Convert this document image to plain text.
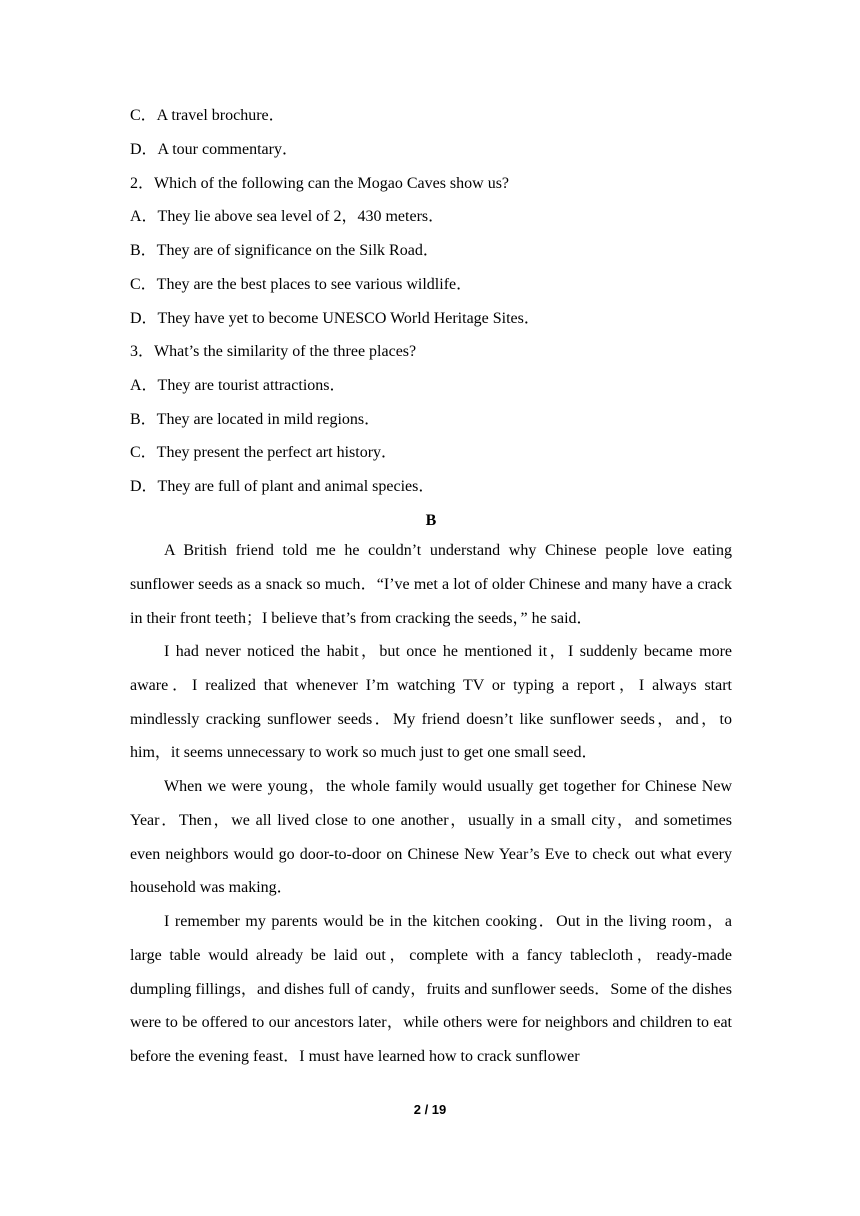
C．A travel brochure．
D．A tour commentary．
2．Which of the following can the Mogao Caves show us?
A．They lie above sea level of 2，430 meters．
B．They are of significance on the Silk Road．
C．They are the best places to see various wildlife．
D．They have yet to become UNESCO World Heritage Sites．
3．What’s the similarity of the three places?
A．They are tourist attractions．
B．They are located in mild regions．
C．They present the perfect art history．
D．They are full of plant and animal species．
B

A British friend told me he couldn’t understand why Chinese people love eating sunflower seeds as a snack so much．“I’ve met a lot of older Chinese and many have a crack in their front teeth；I believe that’s from cracking the seeds，” he said．

I had never noticed the habit，but once he mentioned it，I suddenly became more aware．I realized that whenever I’m watching TV or typing a report，I always start mindlessly cracking sunflower seeds．My friend doesn’t like sunflower seeds，and，to him，it seems unnecessary to work so much just to get one small seed．

When we were young，the whole family would usually get together for Chinese New Year．Then，we all lived close to one another，usually in a small city，and sometimes even neighbors would go door-to-door on Chinese New Year’s Eve to check out what every household was making．

I remember my parents would be in the kitchen cooking．Out in the living room，a large table would already be laid out，complete with a fancy tablecloth，ready-made dumpling fillings，and dishes full of candy，fruits and sunflower seeds．Some of the dishes were to be offered to our ancestors later，while others were for neighbors and children to eat before the evening feast．I must have learned how to crack sunflower

2 / 19
